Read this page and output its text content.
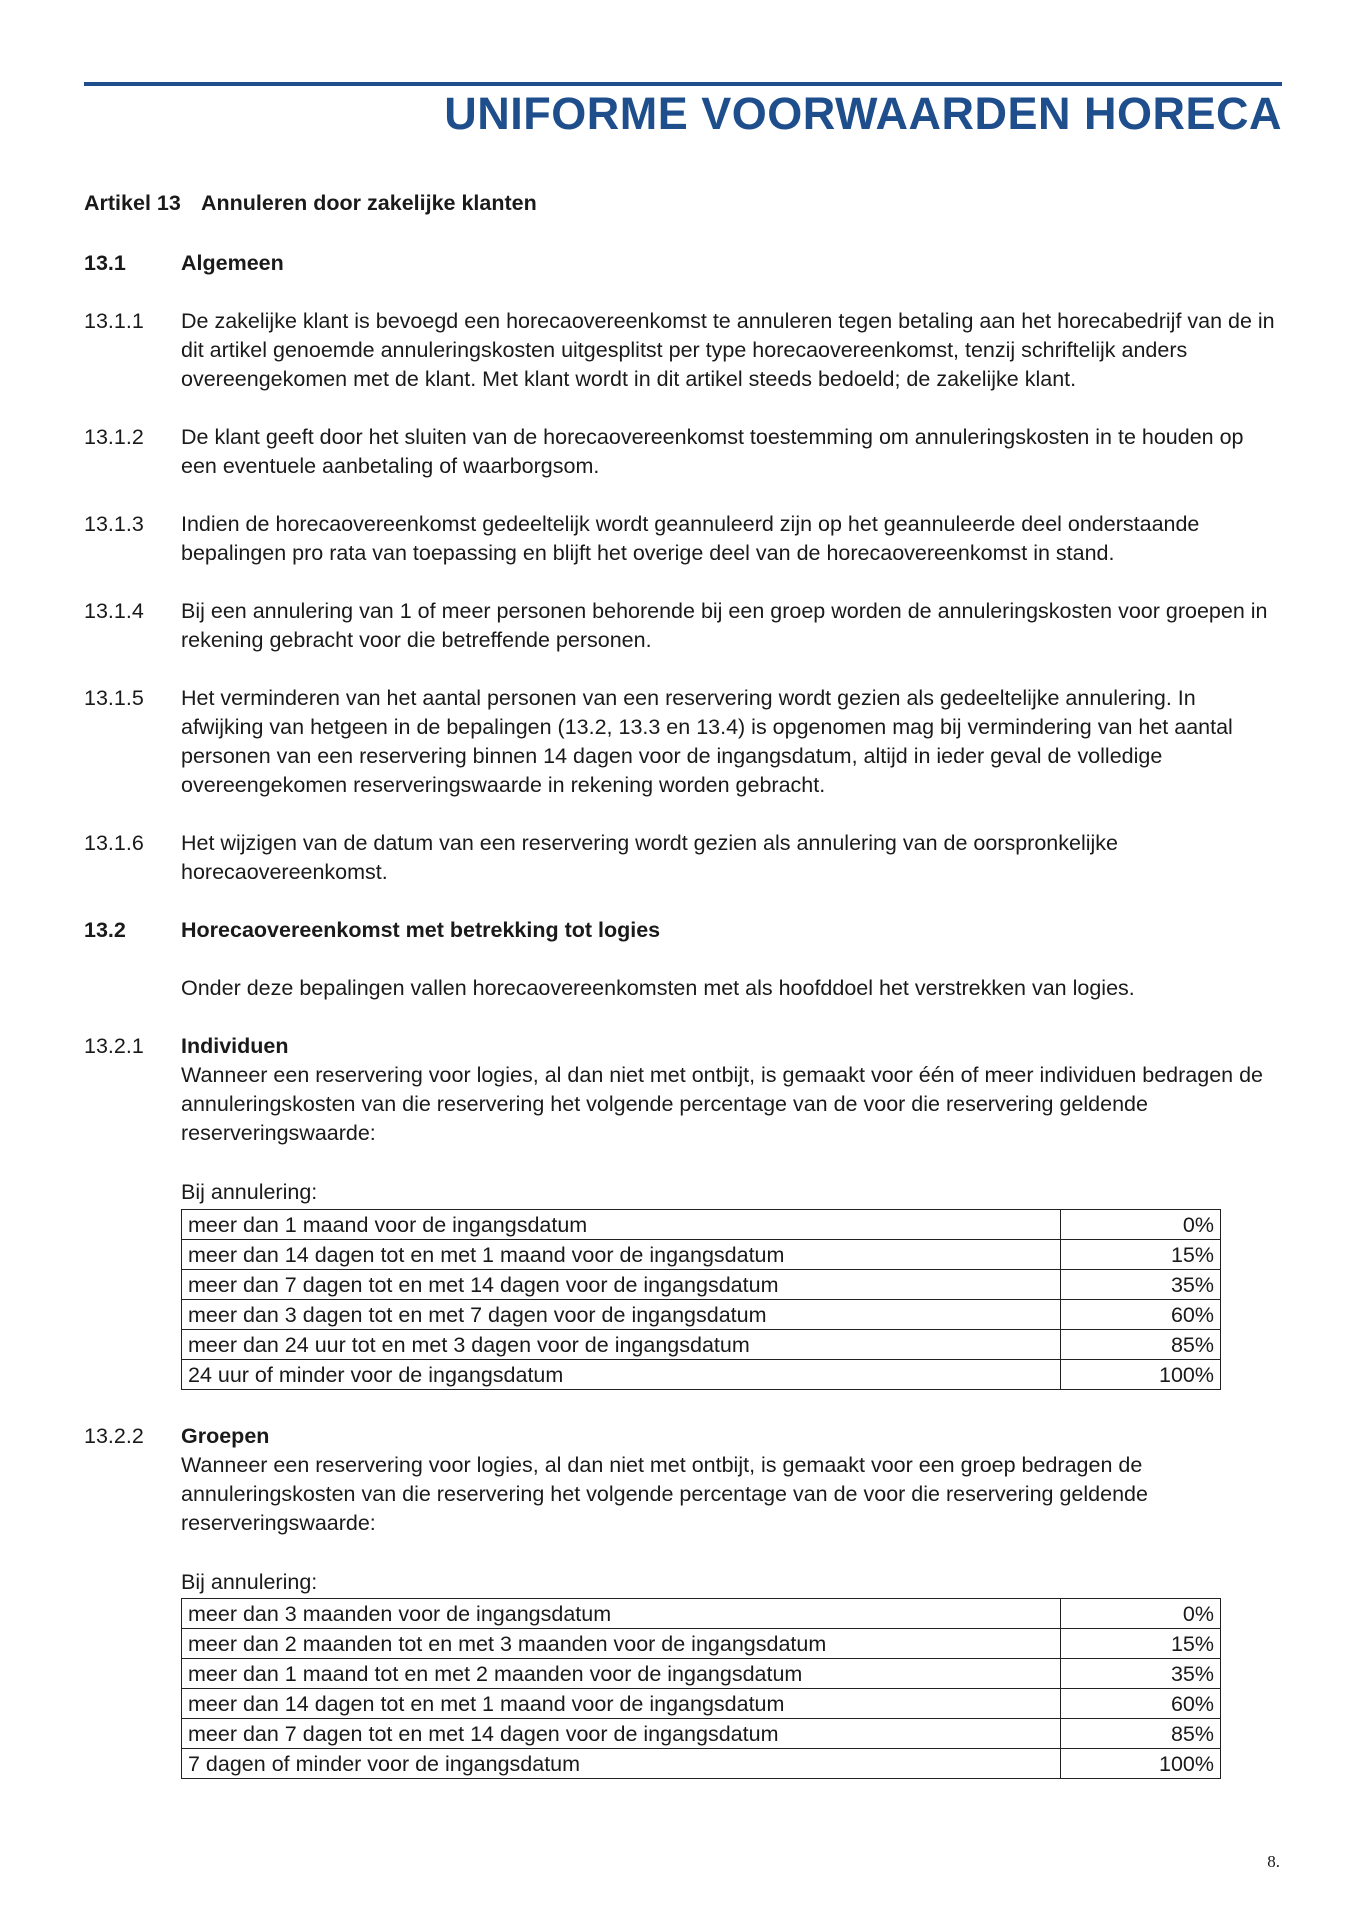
UNIFORME VOORWAARDEN HORECA
Artikel 13 Annuleren door zakelijke klanten
13.1	Algemeen
13.1.1 De zakelijke klant is bevoegd een horecaovereenkomst te annuleren tegen betaling aan het horecabedrijf van de in dit artikel genoemde annuleringskosten uitgesplitst per type horecaovereenkomst, tenzij schriftelijk anders overeengekomen met de klant. Met klant wordt in dit artikel steeds bedoeld; de zakelijke klant.
13.1.2 De klant geeft door het sluiten van de horecaovereenkomst toestemming om annuleringskosten in te houden op een eventuele aanbetaling of waarborgsom.
13.1.3 Indien de horecaovereenkomst gedeeltelijk wordt geannuleerd zijn op het geannuleerde deel onderstaande bepalingen pro rata van toepassing en blijft het overige deel van de horecaovereenkomst in stand.
13.1.4 Bij een annulering van 1 of meer personen behorende bij een groep worden de annuleringskosten voor groepen in rekening gebracht voor die betreffende personen.
13.1.5 Het verminderen van het aantal personen van een reservering wordt gezien als gedeeltelijke annulering. In afwijking van hetgeen in de bepalingen (13.2, 13.3 en 13.4) is opgenomen mag bij vermindering van het aantal personen van een reservering binnen 14 dagen voor de ingangsdatum, altijd in ieder geval de volledige overeengekomen reserveringswaarde in rekening worden gebracht.
13.1.6 Het wijzigen van de datum van een reservering wordt gezien als annulering van de oorspronkelijke horecaovereenkomst.
13.2	Horecaovereenkomst met betrekking tot logies
Onder deze bepalingen vallen horecaovereenkomsten met als hoofddoel het verstrekken van logies.
13.2.1 Individuen
Wanneer een reservering voor logies, al dan niet met ontbijt, is gemaakt voor één of meer individuen bedragen de annuleringskosten van die reservering het volgende percentage van de voor die reservering geldende reserveringswaarde:
Bij annulering:
meer dan 1 maand voor de ingangsdatum	0%
meer dan 14 dagen tot en met 1 maand voor de ingangsdatum	15%
meer dan 7 dagen tot en met 14 dagen voor de ingangsdatum	35%
meer dan 3 dagen tot en met 7 dagen voor de ingangsdatum	60%
meer dan 24 uur tot en met 3 dagen voor de ingangsdatum	85%
24 uur of minder voor de ingangsdatum	100%
13.2.2 Groepen
Wanneer een reservering voor logies, al dan niet met ontbijt, is gemaakt voor een groep bedragen de annuleringskosten van die reservering het volgende percentage van de voor die reservering geldende reserveringswaarde:
Bij annulering:
meer dan 3 maanden voor de ingangsdatum	0%
meer dan 2 maanden tot en met 3 maanden voor de ingangsdatum	15%
meer dan 1 maand tot en met 2 maanden voor de ingangsdatum	35%
meer dan 14 dagen tot en met 1 maand voor de ingangsdatum	60%
meer dan 7 dagen tot en met 14 dagen voor de ingangsdatum	85%
7 dagen of minder voor de ingangsdatum	100%
8.
